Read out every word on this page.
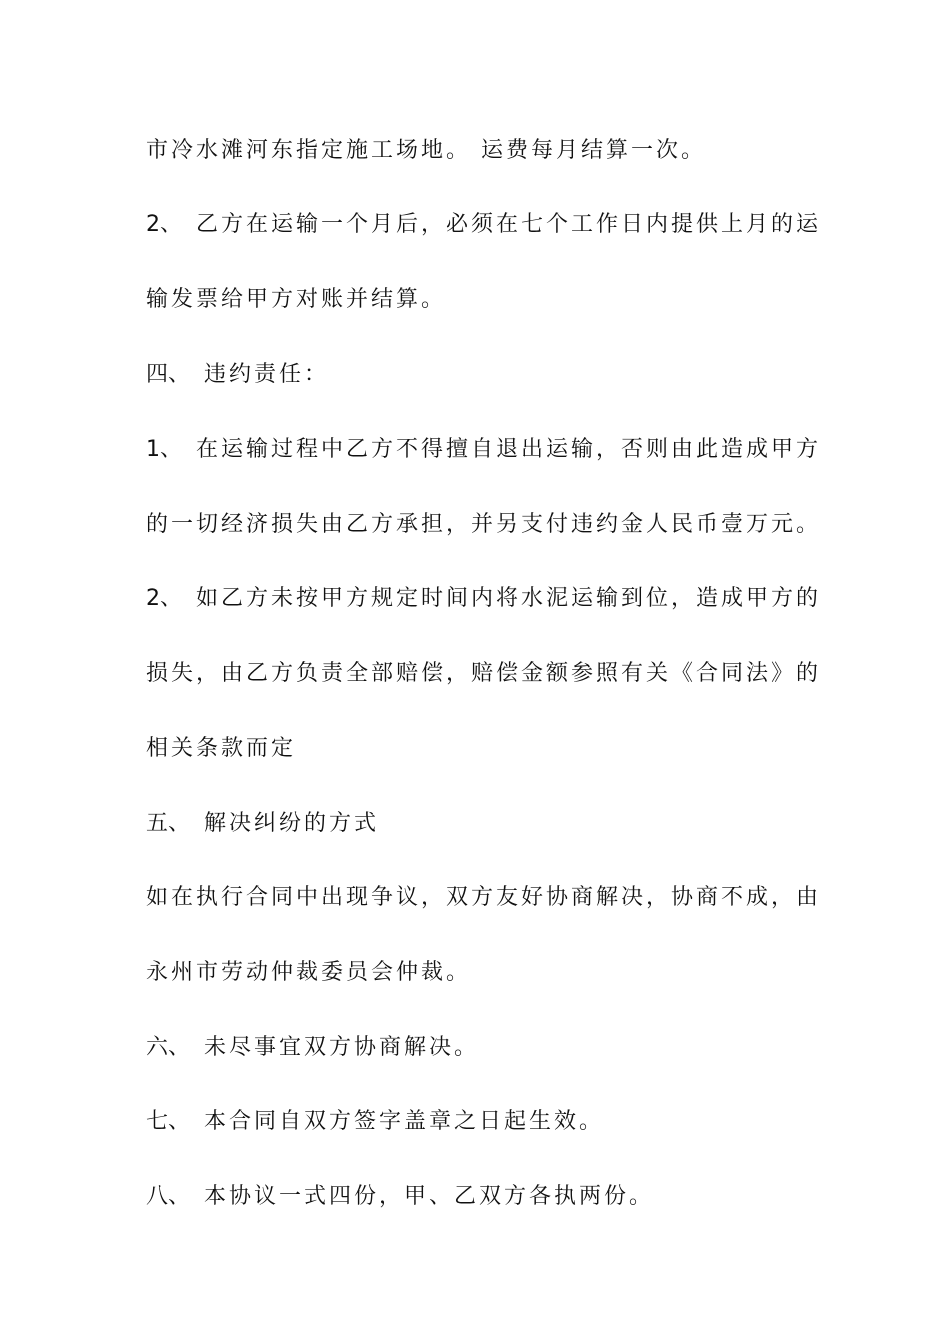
市冷水滩河东指定施工场地。 运费每月结算一次。
2、 乙方在运输一个月后，必须在七个工作日内提供上月的运
输发票给甲方对账并结算。
四、 违约责任：
1、 在运输过程中乙方不得擅自退出运输，否则由此造成甲方
的一切经济损失由乙方承担，并另支付违约金人民币壹万元。
2、 如乙方未按甲方规定时间内将水泥运输到位，造成甲方的
损失，由乙方负责全部赔偿，赔偿金额参照有关《合同法》的
相关条款而定
五、 解决纠纷的方式
如在执行合同中出现争议，双方友好协商解决，协商不成，由
永州市劳动仲裁委员会仲裁。
六、 未尽事宜双方协商解决。
七、 本合同自双方签字盖章之日起生效。
八、 本协议一式四份，甲、乙双方各执两份。
